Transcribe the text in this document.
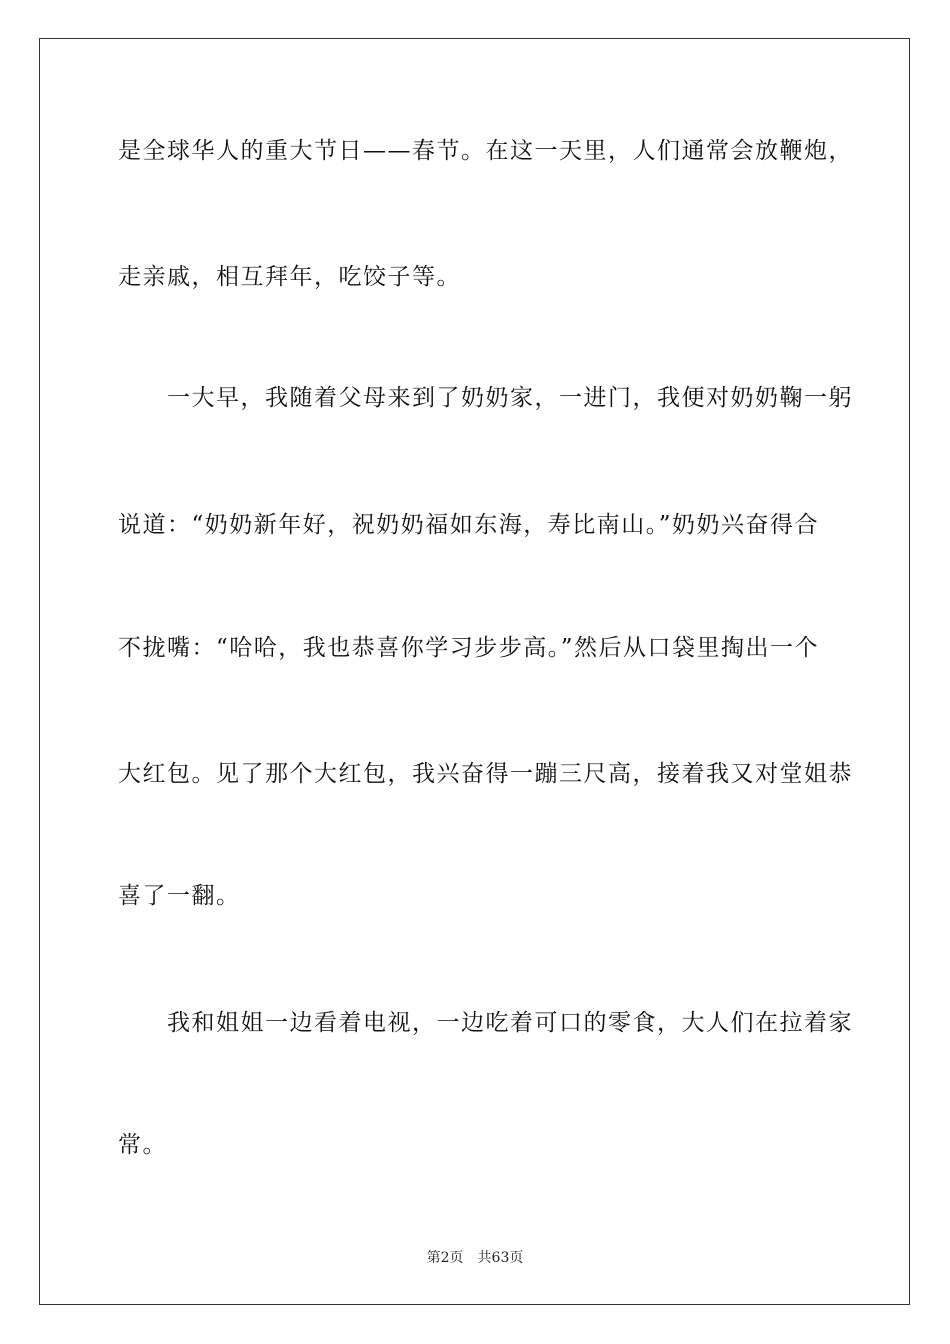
是全球华人的重大节日——春节。在这一天里，人们通常会放鞭炮，
走亲戚，相互拜年，吃饺子等。
　　一大早，我随着父母来到了奶奶家，一进门，我便对奶奶鞠一躬
说道：“奶奶新年好，祝奶奶福如东海，寿比南山。”奶奶兴奋得合
不拢嘴：“哈哈，我也恭喜你学习步步高。”然后从口袋里掏出一个
大红包。见了那个大红包，我兴奋得一蹦三尺高，接着我又对堂姐恭
喜了一翻。
　　我和姐姐一边看着电视，一边吃着可口的零食，大人们在拉着家
常。
第2页 共63页
